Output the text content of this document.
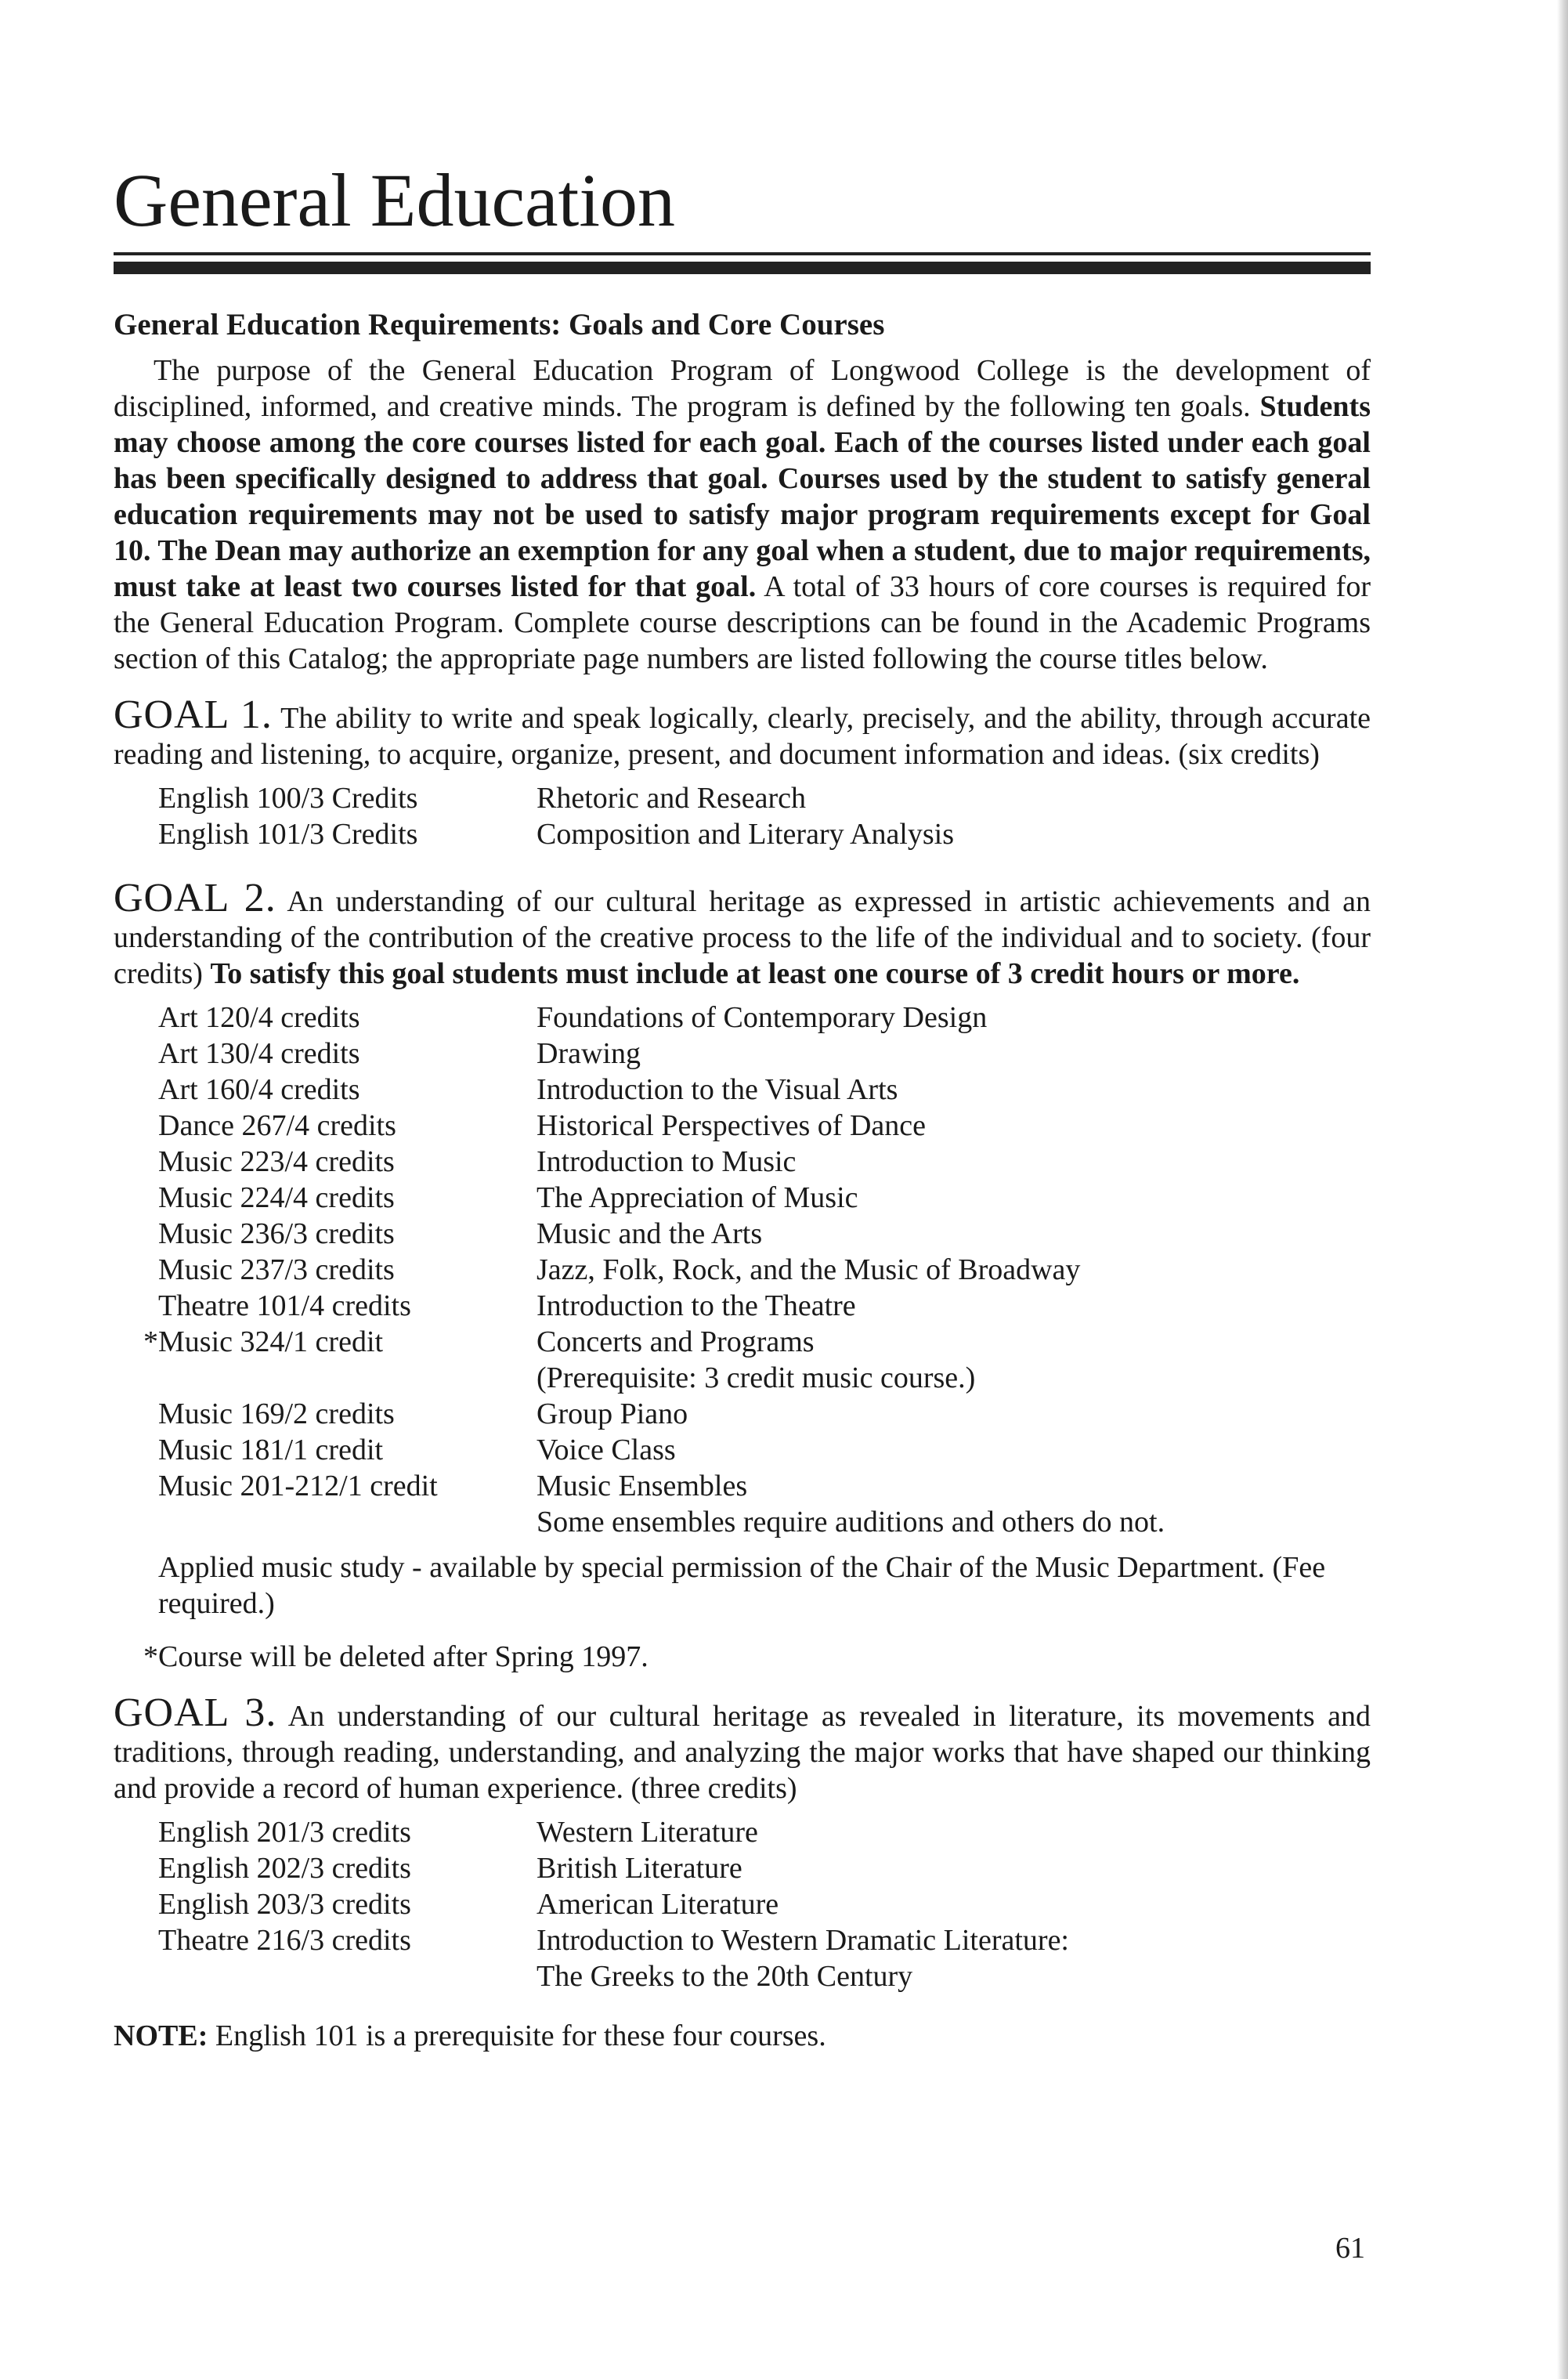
General Education
General Education Requirements: Goals and Core Courses

The purpose of the General Education Program of Longwood College is the development of disciplined, informed, and creative minds. The program is defined by the following ten goals. Students may choose among the core courses listed for each goal. Each of the courses listed under each goal has been specifically designed to address that goal. Courses used by the student to satisfy general education requirements may not be used to satisfy major program requirements except for Goal 10. The Dean may authorize an exemption for any goal when a student, due to major requirements, must take at least two courses listed for that goal. A total of 33 hours of core courses is required for the General Education Program. Complete course descriptions can be found in the Academic Programs section of this Catalog; the appropriate page numbers are listed following the course titles below.

GOAL 1. The ability to write and speak logically, clearly, precisely, and the ability, through accurate reading and listening, to acquire, organize, present, and document information and ideas. (six credits)

English 100/3 Credits	Rhetoric and Research
English 101/3 Credits	Composition and Literary Analysis

GOAL 2. An understanding of our cultural heritage as expressed in artistic achievements and an understanding of the contribution of the creative process to the life of the individual and to society. (four credits) To satisfy this goal students must include at least one course of 3 credit hours or more.

Art 120/4 credits	Foundations of Contemporary Design
Art 130/4 credits	Drawing
Art 160/4 credits	Introduction to the Visual Arts
Dance 267/4 credits	Historical Perspectives of Dance
Music 223/4 credits	Introduction to Music
Music 224/4 credits	The Appreciation of Music
Music 236/3 credits	Music and the Arts
Music 237/3 credits	Jazz, Folk, Rock, and the Music of Broadway
Theatre 101/4 credits	Introduction to the Theatre
*Music 324/1 credit	Concerts and Programs
(Prerequisite: 3 credit music course.)
Music 169/2 credits	Group Piano
Music 181/1 credit	Voice Class
Music 201-212/1 credit	Music Ensembles
Some ensembles require auditions and others do not.
Applied music study - available by special permission of the Chair of the Music Department. (Fee required.)
*Course will be deleted after Spring 1997.

GOAL 3. An understanding of our cultural heritage as revealed in literature, its movements and traditions, through reading, understanding, and analyzing the major works that have shaped our thinking and provide a record of human experience. (three credits)

English 201/3 credits	Western Literature
English 202/3 credits	British Literature
English 203/3 credits	American Literature
Theatre 216/3 credits	Introduction to Western Dramatic Literature:
The Greeks to the 20th Century

NOTE: English 101 is a prerequisite for these four courses.

61
